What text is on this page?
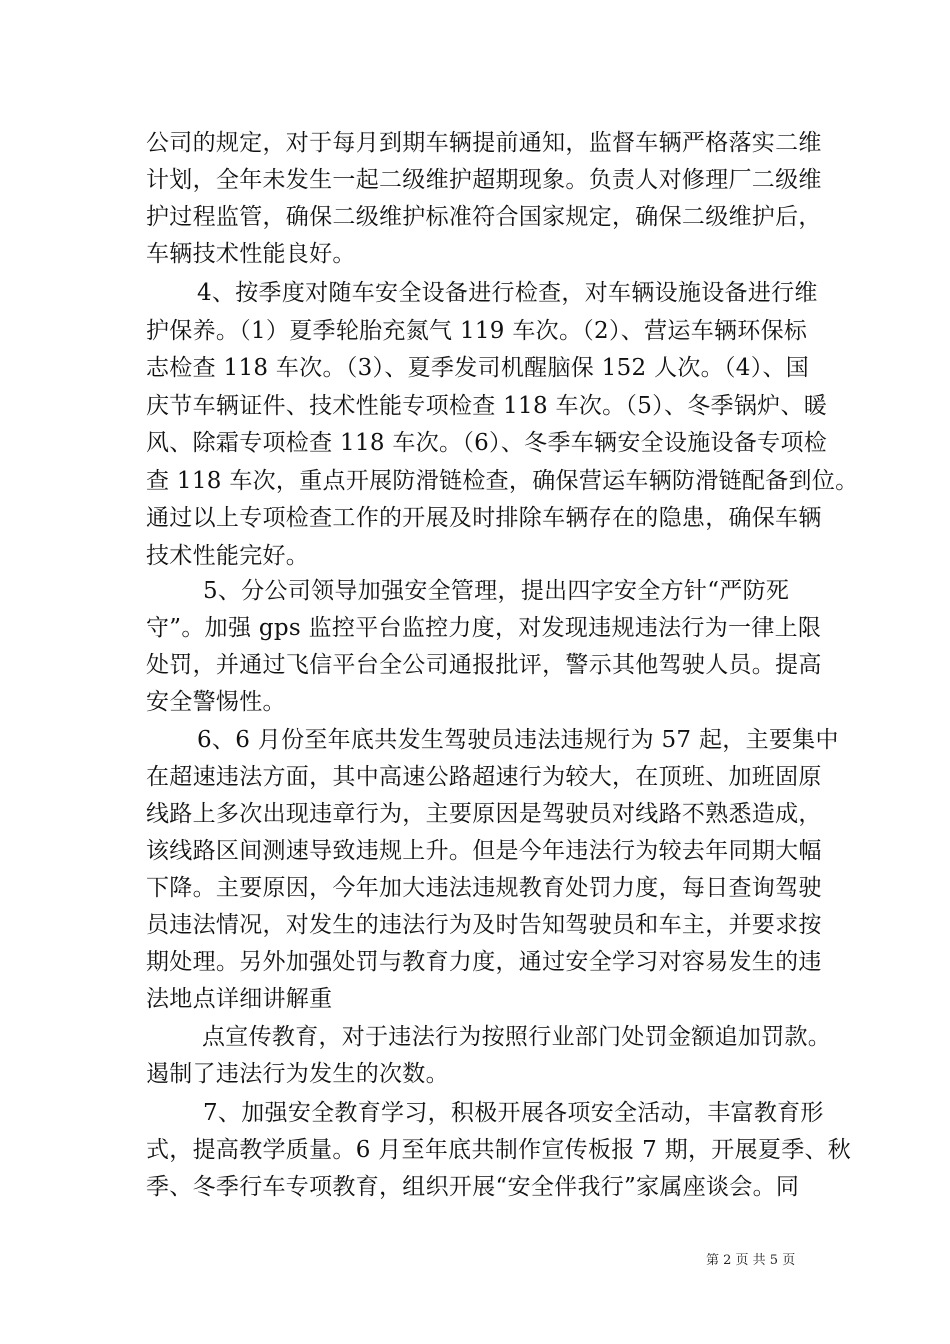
公司的规定，对于每月到期车辆提前通知，监督车辆严格落实二维
计划，全年未发生一起二级维护超期现象。负责人对修理厂二级维
护过程监管，确保二级维护标准符合国家规定，确保二级维护后，
车辆技术性能良好。
4、按季度对随车安全设备进行检查，对车辆设施设备进行维
护保养。（1）夏季轮胎充氮气 119 车次。（2）、营运车辆环保标
志检查 118 车次。（3）、夏季发司机醒脑保 152 人次。（4）、国
庆节车辆证件、技术性能专项检查 118 车次。（5）、冬季锅炉、暖
风、除霜专项检查 118 车次。（6）、冬季车辆安全设施设备专项检
查 118 车次，重点开展防滑链检查，确保营运车辆防滑链配备到位。
通过以上专项检查工作的开展及时排除车辆存在的隐患，确保车辆
技术性能完好。
5、分公司领导加强安全管理，提出四字安全方针“严防死
守”。加强 gps 监控平台监控力度，对发现违规违法行为一律上限
处罚，并通过飞信平台全公司通报批评，警示其他驾驶人员。提高
安全警惕性。
6、6 月份至年底共发生驾驶员违法违规行为 57 起，主要集中
在超速违法方面，其中高速公路超速行为较大，在顶班、加班固原
线路上多次出现违章行为，主要原因是驾驶员对线路不熟悉造成，
该线路区间测速导致违规上升。但是今年违法行为较去年同期大幅
下降。主要原因，今年加大违法违规教育处罚力度，每日查询驾驶
员违法情况，对发生的违法行为及时告知驾驶员和车主，并要求按
期处理。另外加强处罚与教育力度，通过安全学习对容易发生的违
法地点详细讲解重
点宣传教育，对于违法行为按照行业部门处罚金额追加罚款。
遏制了违法行为发生的次数。
7、加强安全教育学习，积极开展各项安全活动，丰富教育形
式，提高教学质量。6 月至年底共制作宣传板报 7 期，开展夏季、秋
季、冬季行车专项教育，组织开展“安全伴我行”家属座谈会。同
第 2 页 共 5 页
